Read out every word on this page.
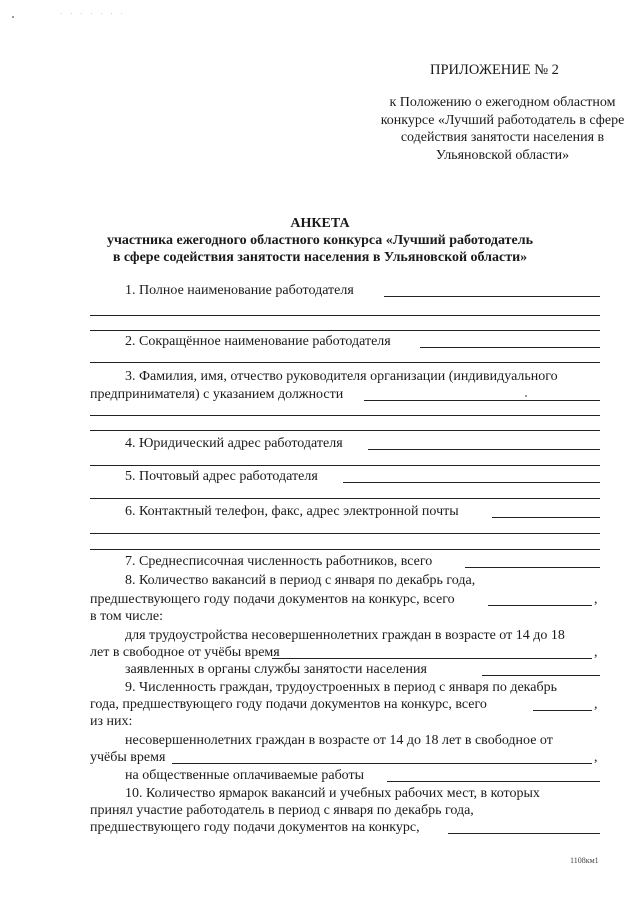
· · · · · · ·
ПРИЛОЖЕНИЕ № 2
к Положению о ежегодном областном конкурсе «Лучший работодатель в сфере содействия занятости населения в Ульяновской области»
АНКЕТА
участника ежегодного областного конкурса «Лучший работодатель
в сфере содействия занятости населения в Ульяновской области»
1. Полное наименование работодателя
2. Сокращённое наименование работодателя
3. Фамилия, имя, отчество руководителя организации (индивидуального
предпринимателя) с указанием должности
4. Юридический адрес работодателя
5. Почтовый адрес работодателя
6. Контактный телефон, факс, адрес электронной почты
7. Среднесписочная численность работников, всего
8. Количество вакансий в период с января по декабрь года,
предшествующего году подачи документов на конкурс, всего	,
в том числе:
для трудоустройства несовершеннолетних граждан в возрасте от 14 до 18
лет в свободное от учёбы время	,
заявленных в органы службы занятости населения
9. Численность граждан, трудоустроенных в период с января по декабрь
года, предшествующего году подачи документов на конкурс, всего	,
из них:
несовершеннолетних граждан в возрасте от 14 до 18 лет в свободное от
учёбы время	,
на общественные оплачиваемые работы
10. Количество ярмарок вакансий и учебных рабочих мест, в которых
принял участие работодатель в период с января по декабрь года,
предшествующего году подачи документов на конкурс,
1108км1
